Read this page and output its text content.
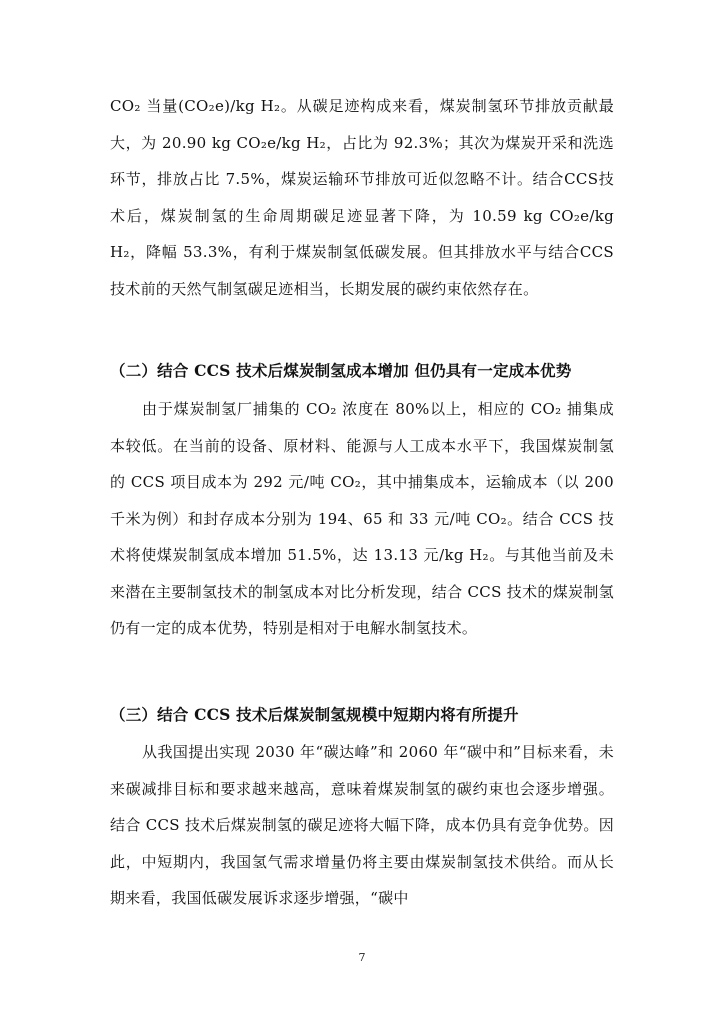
CO₂ 当量(CO₂e)/kg H₂。从碳足迹构成来看，煤炭制氢环节排放贡献最大，为 20.90 kg CO₂e/kg H₂，占比为 92.3%；其次为煤炭开采和洗选环节，排放占比 7.5%，煤炭运输环节排放可近似忽略不计。结合CCS技术后，煤炭制氢的生命周期碳足迹显著下降，为 10.59 kg CO₂e/kg H₂，降幅 53.3%，有利于煤炭制氢低碳发展。但其排放水平与结合CCS技术前的天然气制氢碳足迹相当，长期发展的碳约束依然存在。

（二）结合 CCS 技术后煤炭制氢成本增加 但仍具有一定成本优势

由于煤炭制氢厂捕集的 CO₂ 浓度在 80%以上，相应的 CO₂ 捕集成本较低。在当前的设备、原材料、能源与人工成本水平下，我国煤炭制氢的 CCS 项目成本为 292 元/吨 CO₂，其中捕集成本，运输成本（以 200 千米为例）和封存成本分别为 194、65 和 33 元/吨 CO₂。结合 CCS 技术将使煤炭制氢成本增加 51.5%，达 13.13 元/kg H₂。与其他当前及未来潜在主要制氢技术的制氢成本对比分析发现，结合 CCS 技术的煤炭制氢仍有一定的成本优势，特别是相对于电解水制氢技术。

（三）结合 CCS 技术后煤炭制氢规模中短期内将有所提升

从我国提出实现 2030 年“碳达峰”和 2060 年“碳中和”目标来看，未来碳减排目标和要求越来越高，意味着煤炭制氢的碳约束也会逐步增强。结合 CCS 技术后煤炭制氢的碳足迹将大幅下降，成本仍具有竞争优势。因此，中短期内，我国氢气需求增量仍将主要由煤炭制氢技术供给。而从长期来看，我国低碳发展诉求逐步增强，“碳中

7
